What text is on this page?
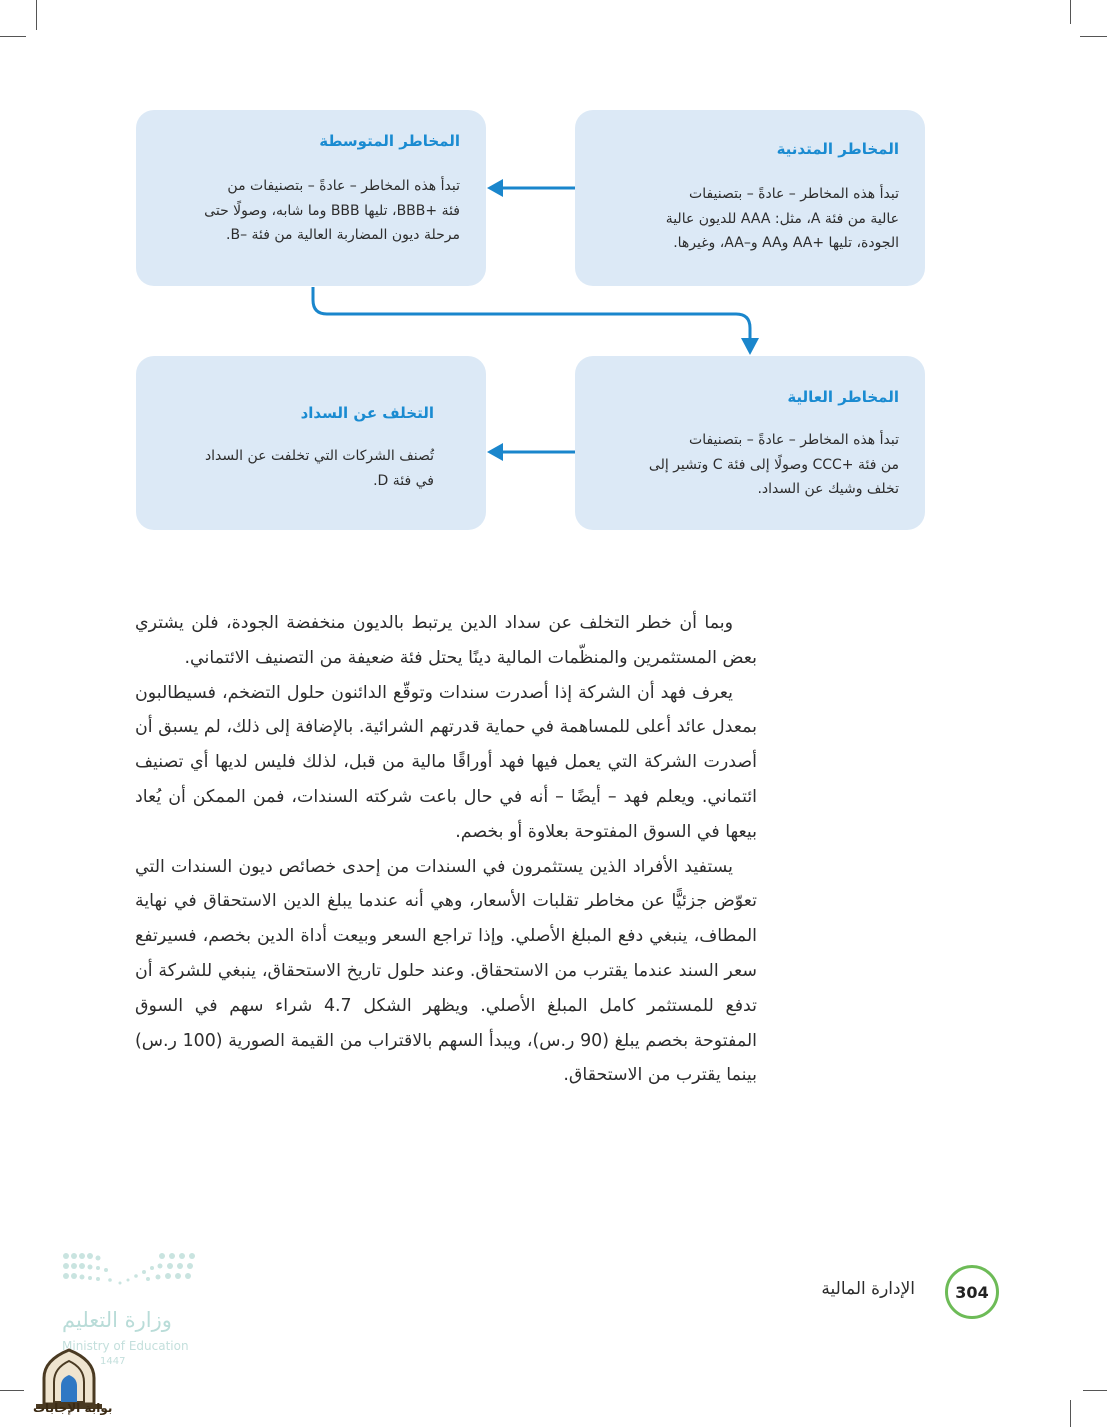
المخاطر المتوسطة
تبدأ هذه المخاطر – عادةً – بتصنيفات من
فئة +BBB، تليها BBB وما شابه، وصولًا حتى
مرحلة ديون المضاربة العالية من فئة –B.
المخاطر المتدنية
تبدأ هذه المخاطر – عادةً – بتصنيفات
عالية من فئة A، مثل: AAA للديون عالية
الجودة، تليها +AA وAA و–AA، وغيرها.
التخلف عن السداد
تُصنف الشركات التي تخلفت عن السداد
في فئة D.
المخاطر العالية
تبدأ هذه المخاطر – عادةً – بتصنيفات
من فئة +CCC وصولًا إلى فئة C وتشير إلى
تخلف وشيك عن السداد.

وبما أن خطر التخلف عن سداد الدين يرتبط بالديون منخفضة الجودة، فلن يشتري بعض المستثمرين والمنظّمات المالية دينًا يحتل فئة ضعيفة من التصنيف الائتماني.

يعرف فهد أن الشركة إذا أصدرت سندات وتوقّع الدائنون حلول التضخم، فسيطالبون بمعدل عائد أعلى للمساهمة في حماية قدرتهم الشرائية. بالإضافة إلى ذلك، لم يسبق أن أصدرت الشركة التي يعمل فيها فهد أوراقًا مالية من قبل، لذلك فليس لديها أي تصنيف ائتماني. ويعلم فهد – أيضًا – أنه في حال باعت شركته السندات، فمن الممكن أن يُعاد بيعها في السوق المفتوحة بعلاوة أو بخصم.

يستفيد الأفراد الذين يستثمرون في السندات من إحدى خصائص ديون السندات التي تعوّض جزئيًّا عن مخاطر تقلبات الأسعار، وهي أنه عندما يبلغ الدين الاستحقاق في نهاية المطاف، ينبغي دفع المبلغ الأصلي. وإذا تراجع السعر وبيعت أداة الدين بخصم، فسيرتفع سعر السند عندما يقترب من الاستحقاق. وعند حلول تاريخ الاستحقاق، ينبغي للشركة أن تدفع للمستثمر كامل المبلغ الأصلي. ويظهر الشكل 4.7 شراء سهم في السوق المفتوحة بخصم يبلغ (90 ر.س)، ويبدأ السهم بالاقتراب من القيمة الصورية (100 ر.س) بينما يقترب من الاستحقاق.

وزارة التعليم
Ministry of Education
1447
بوابة الإجابات
الإدارة المالية	304
